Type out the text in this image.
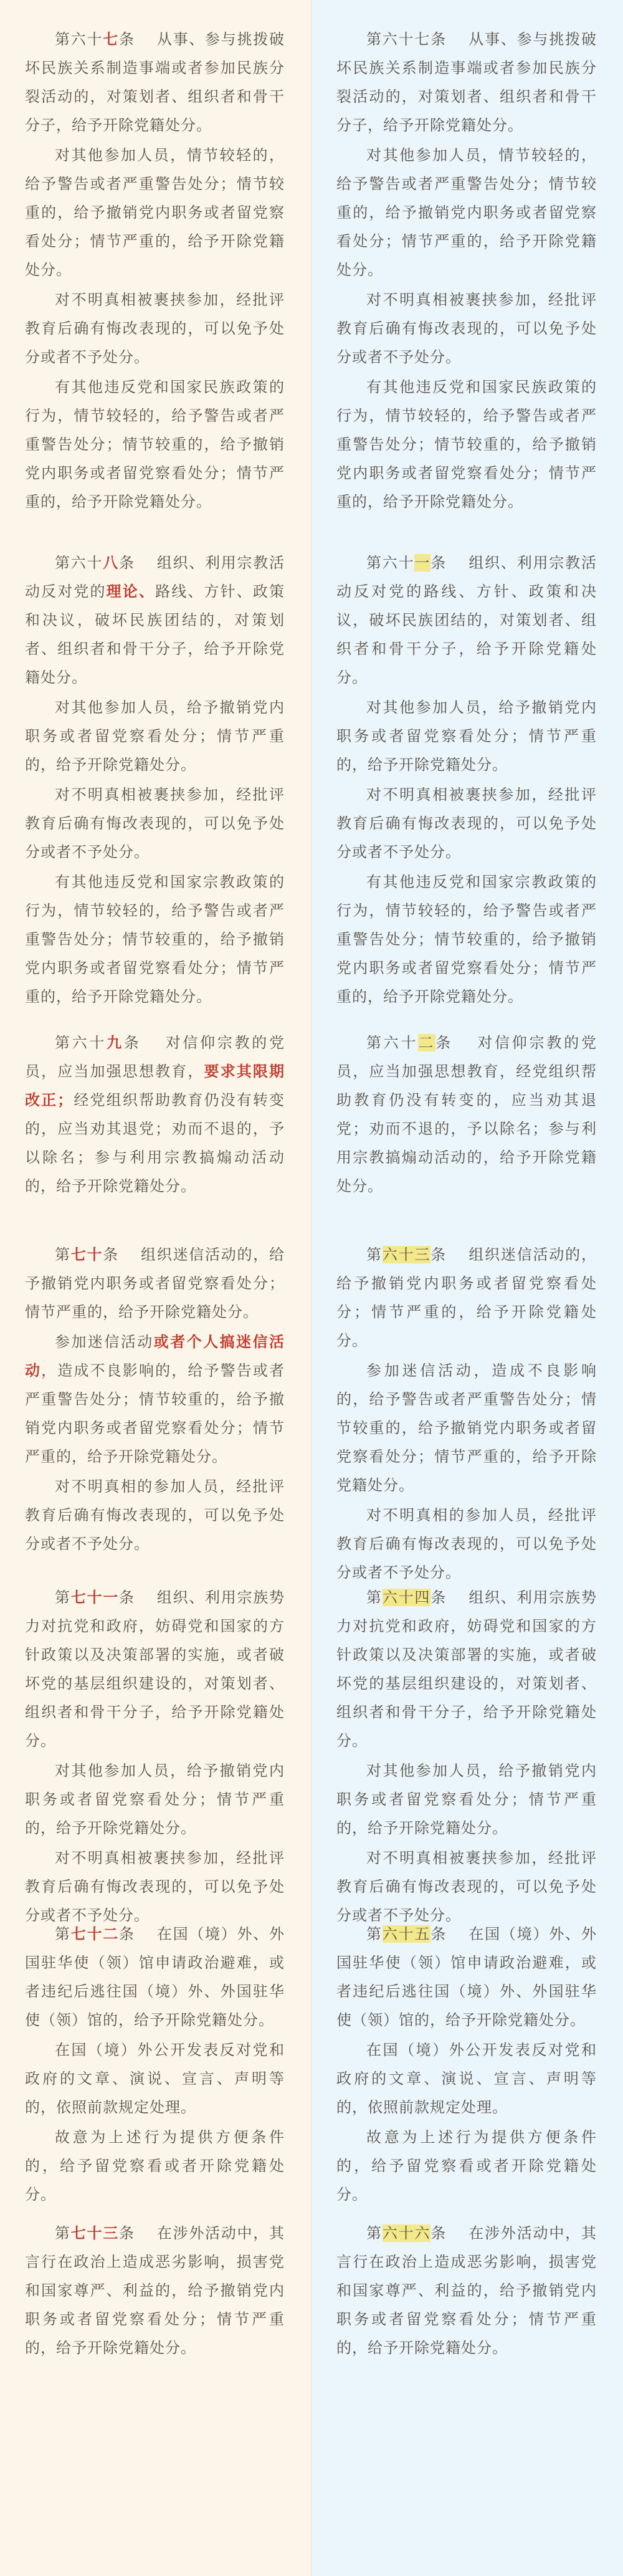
第六十七条　 从事、参与挑拨破坏民族关系制造事端或者参加民族分裂活动的，对策划者、组织者和骨干分子，给予开除党籍处分。

对其他参加人员，情节较轻的，给予警告或者严重警告处分；情节较重的，给予撤销党内职务或者留党察看处分；情节严重的，给予开除党籍处分。

对不明真相被裹挟参加，经批评教育后确有悔改表现的，可以免予处分或者不予处分。

有其他违反党和国家民族政策的行为，情节较轻的，给予警告或者严重警告处分；情节较重的，给予撤销党内职务或者留党察看处分；情节严重的，给予开除党籍处分。

第六十八条　 组织、利用宗教活动反对党的理论、路线、方针、政策和决议，破坏民族团结的，对策划者、组织者和骨干分子，给予开除党籍处分。

对其他参加人员，给予撤销党内职务或者留党察看处分；情节严重的，给予开除党籍处分。

对不明真相被裹挟参加，经批评教育后确有悔改表现的，可以免予处分或者不予处分。

有其他违反党和国家宗教政策的行为，情节较轻的，给予警告或者严重警告处分；情节较重的，给予撤销党内职务或者留党察看处分；情节严重的，给予开除党籍处分。

第六十九条　 对信仰宗教的党员，应当加强思想教育，要求其限期改正；经党组织帮助教育仍没有转变的，应当劝其退党；劝而不退的，予以除名；参与利用宗教搞煽动活动的，给予开除党籍处分。

第七十条　 组织迷信活动的，给予撤销党内职务或者留党察看处分；情节严重的，给予开除党籍处分。

参加迷信活动或者个人搞迷信活动，造成不良影响的，给予警告或者严重警告处分；情节较重的，给予撤销党内职务或者留党察看处分；情节严重的，给予开除党籍处分。

对不明真相的参加人员，经批评教育后确有悔改表现的，可以免予处分或者不予处分。

第七十一条　 组织、利用宗族势力对抗党和政府，妨碍党和国家的方针政策以及决策部署的实施，或者破坏党的基层组织建设的，对策划者、组织者和骨干分子，给予开除党籍处分。

对其他参加人员，给予撤销党内职务或者留党察看处分；情节严重的，给予开除党籍处分。

对不明真相被裹挟参加，经批评教育后确有悔改表现的，可以免予处分或者不予处分。

第七十二条　 在国（境）外、外国驻华使（领）馆申请政治避难，或者违纪后逃往国（境）外、外国驻华使（领）馆的，给予开除党籍处分。

在国（境）外公开发表反对党和政府的文章、演说、宣言、声明等的，依照前款规定处理。

故意为上述行为提供方便条件的，给予留党察看或者开除党籍处分。

第七十三条　 在涉外活动中，其言行在政治上造成恶劣影响，损害党和国家尊严、利益的，给予撤销党内职务或者留党察看处分；情节严重的，给予开除党籍处分。

第六十七条　 从事、参与挑拨破坏民族关系制造事端或者参加民族分裂活动的，对策划者、组织者和骨干分子，给予开除党籍处分。

对其他参加人员，情节较轻的，给予警告或者严重警告处分；情节较重的，给予撤销党内职务或者留党察看处分；情节严重的，给予开除党籍处分。

对不明真相被裹挟参加，经批评教育后确有悔改表现的，可以免予处分或者不予处分。

有其他违反党和国家民族政策的行为，情节较轻的，给予警告或者严重警告处分；情节较重的，给予撤销党内职务或者留党察看处分；情节严重的，给予开除党籍处分。

第六十一条　 组织、利用宗教活动反对党的路线、方针、政策和决议，破坏民族团结的，对策划者、组织者和骨干分子，给予开除党籍处分。

对其他参加人员，给予撤销党内职务或者留党察看处分；情节严重的，给予开除党籍处分。

对不明真相被裹挟参加，经批评教育后确有悔改表现的，可以免予处分或者不予处分。

有其他违反党和国家宗教政策的行为，情节较轻的，给予警告或者严重警告处分；情节较重的，给予撤销党内职务或者留党察看处分；情节严重的，给予开除党籍处分。

第六十二条　 对信仰宗教的党员，应当加强思想教育，经党组织帮助教育仍没有转变的，应当劝其退党；劝而不退的，予以除名；参与利用宗教搞煽动活动的，给予开除党籍处分。

第六十三条　 组织迷信活动的，给予撤销党内职务或者留党察看处分；情节严重的，给予开除党籍处分。

参加迷信活动，造成不良影响的，给予警告或者严重警告处分；情节较重的，给予撤销党内职务或者留党察看处分；情节严重的，给予开除党籍处分。

对不明真相的参加人员，经批评教育后确有悔改表现的，可以免予处分或者不予处分。

第六十四条　 组织、利用宗族势力对抗党和政府，妨碍党和国家的方针政策以及决策部署的实施，或者破坏党的基层组织建设的，对策划者、组织者和骨干分子，给予开除党籍处分。

对其他参加人员，给予撤销党内职务或者留党察看处分；情节严重的，给予开除党籍处分。

对不明真相被裹挟参加，经批评教育后确有悔改表现的，可以免予处分或者不予处分。

第六十五条　 在国（境）外、外国驻华使（领）馆申请政治避难，或者违纪后逃往国（境）外、外国驻华使（领）馆的，给予开除党籍处分。

在国（境）外公开发表反对党和政府的文章、演说、宣言、声明等的，依照前款规定处理。

故意为上述行为提供方便条件的，给予留党察看或者开除党籍处分。

第六十六条　 在涉外活动中，其言行在政治上造成恶劣影响，损害党和国家尊严、利益的，给予撤销党内职务或者留党察看处分；情节严重的，给予开除党籍处分。
